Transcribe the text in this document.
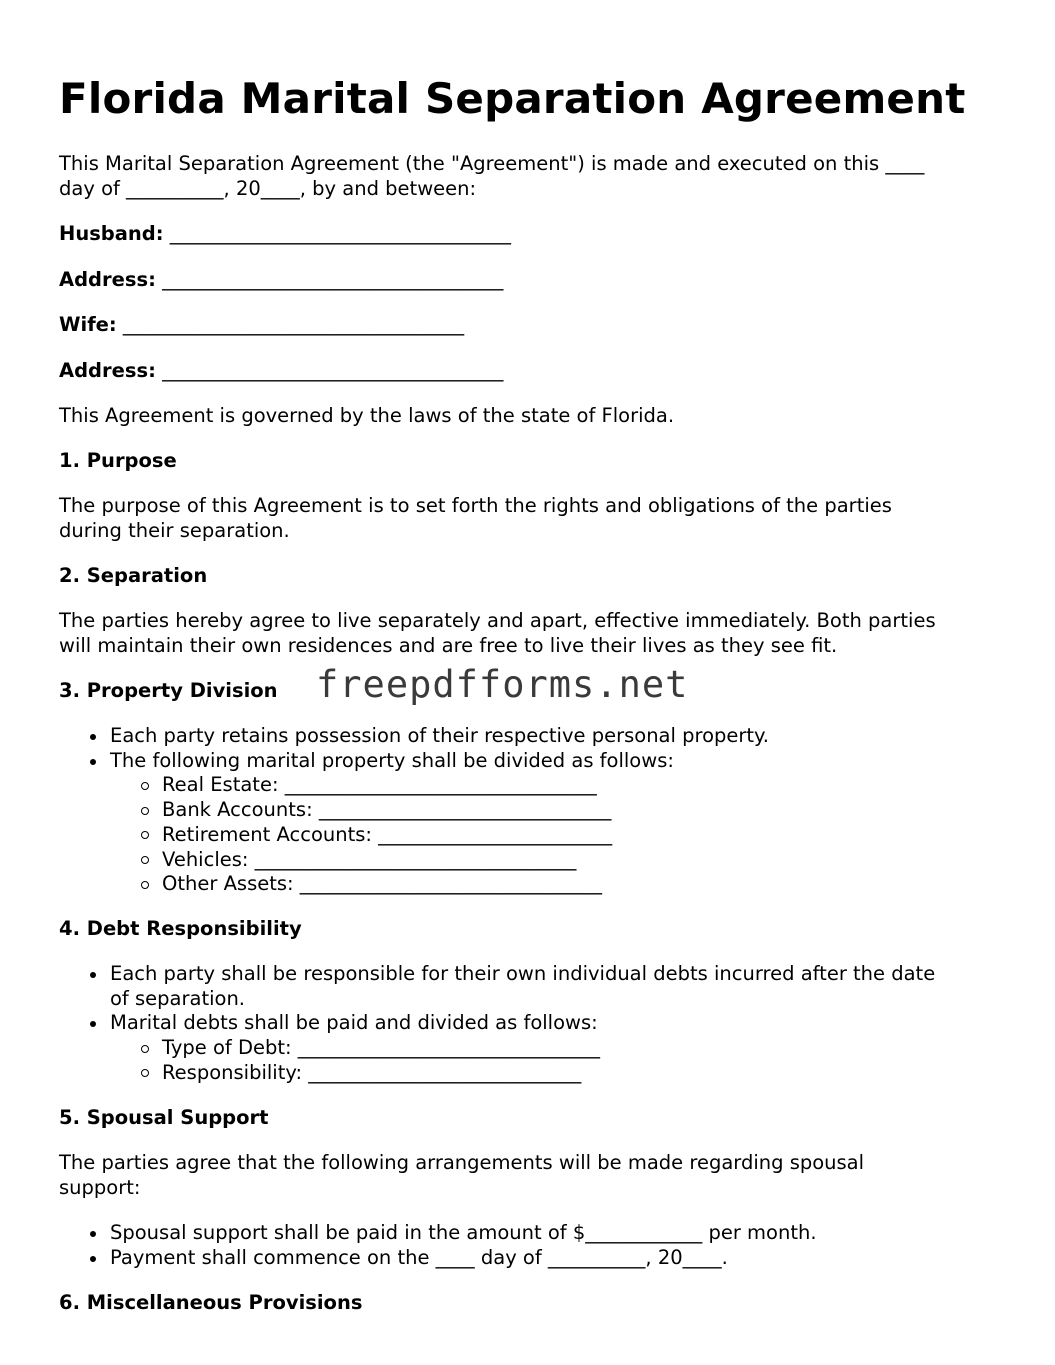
Florida Marital Separation Agreement

This Marital Separation Agreement (the "Agreement") is made and executed on this ____

day of __________, 20____, by and between:

Husband: ___________________________________

Address: ___________________________________

Wife: ___________________________________

Address: ___________________________________

This Agreement is governed by the laws of the state of Florida.

1. Purpose

The purpose of this Agreement is to set forth the rights and obligations of the parties

during their separation.

2. Separation

The parties hereby agree to live separately and apart, effective immediately. Both parties

will maintain their own residences and are free to live their lives as they see fit.

3. Property Division

Each party retains possession of their respective personal property.
The following marital property shall be divided as follows:
Real Estate: ________________________________
Bank Accounts: ______________________________
Retirement Accounts: ________________________
Vehicles: _________________________________
Other Assets: _______________________________

4. Debt Responsibility

Each party shall be responsible for their own individual debts incurred after the date
of separation.
Marital debts shall be paid and divided as follows:
Type of Debt: _______________________________
Responsibility: ____________________________

5. Spousal Support

The parties agree that the following arrangements will be made regarding spousal

support:

Spousal support shall be paid in the amount of $____________ per month.
Payment shall commence on the ____ day of __________, 20____.

6. Miscellaneous Provisions

freepdfforms.net
